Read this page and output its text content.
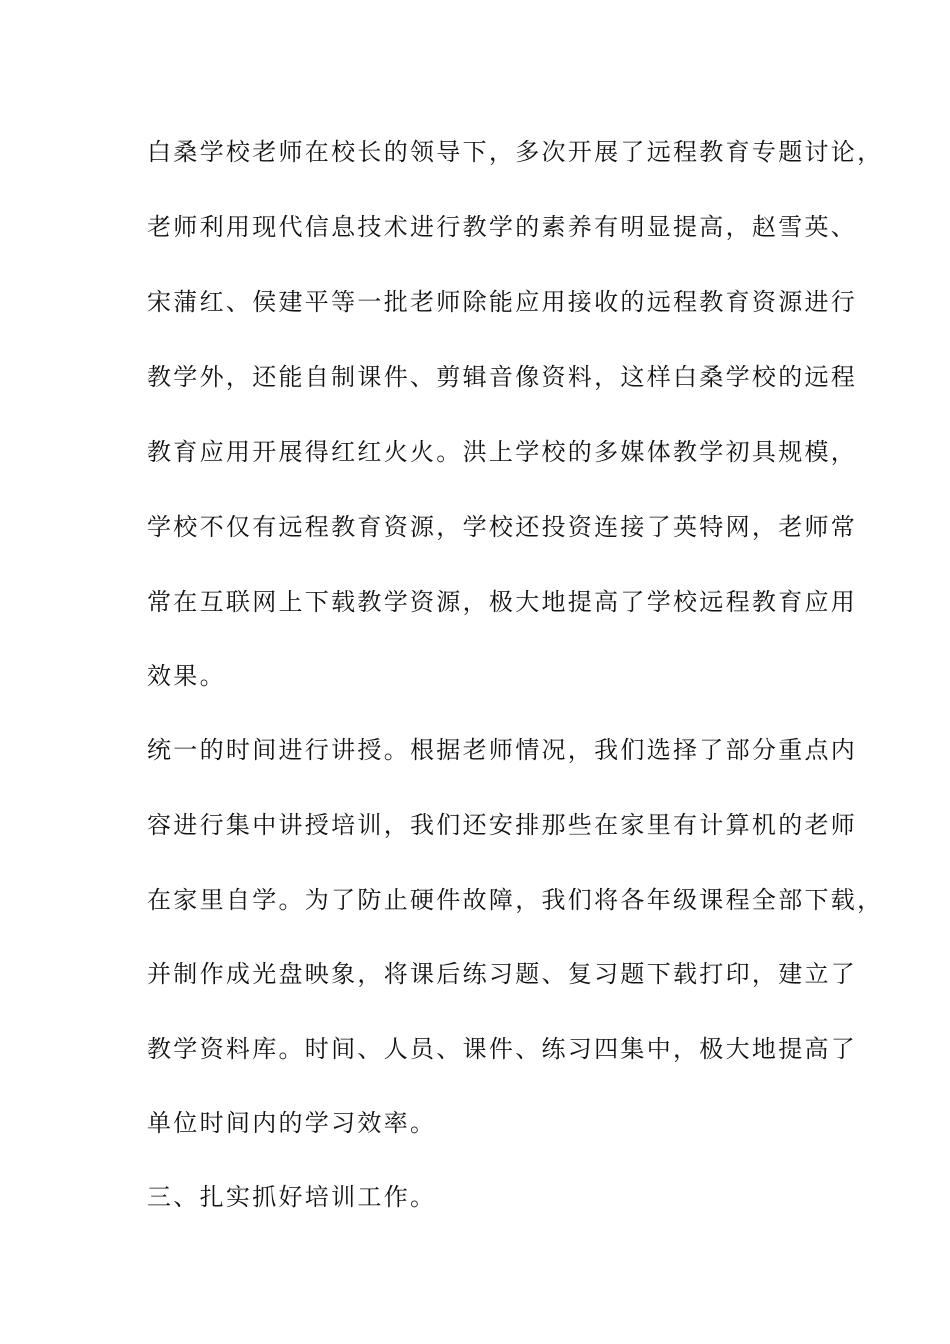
白桑学校老师在校长的领导下，多次开展了远程教育专题讨论，
老师利用现代信息技术进行教学的素养有明显提高，赵雪英、
宋蒲红、侯建平等一批老师除能应用接收的远程教育资源进行
教学外，还能自制课件、剪辑音像资料，这样白桑学校的远程
教育应用开展得红红火火。洪上学校的多媒体教学初具规模，
学校不仅有远程教育资源，学校还投资连接了英特网，老师常
常在互联网上下载教学资源，极大地提高了学校远程教育应用
效果。
统一的时间进行讲授。根据老师情况，我们选择了部分重点内
容进行集中讲授培训，我们还安排那些在家里有计算机的老师
在家里自学。为了防止硬件故障，我们将各年级课程全部下载，
并制作成光盘映象，将课后练习题、复习题下载打印，建立了
教学资料库。时间、人员、课件、练习四集中，极大地提高了
单位时间内的学习效率。
三、扎实抓好培训工作。
